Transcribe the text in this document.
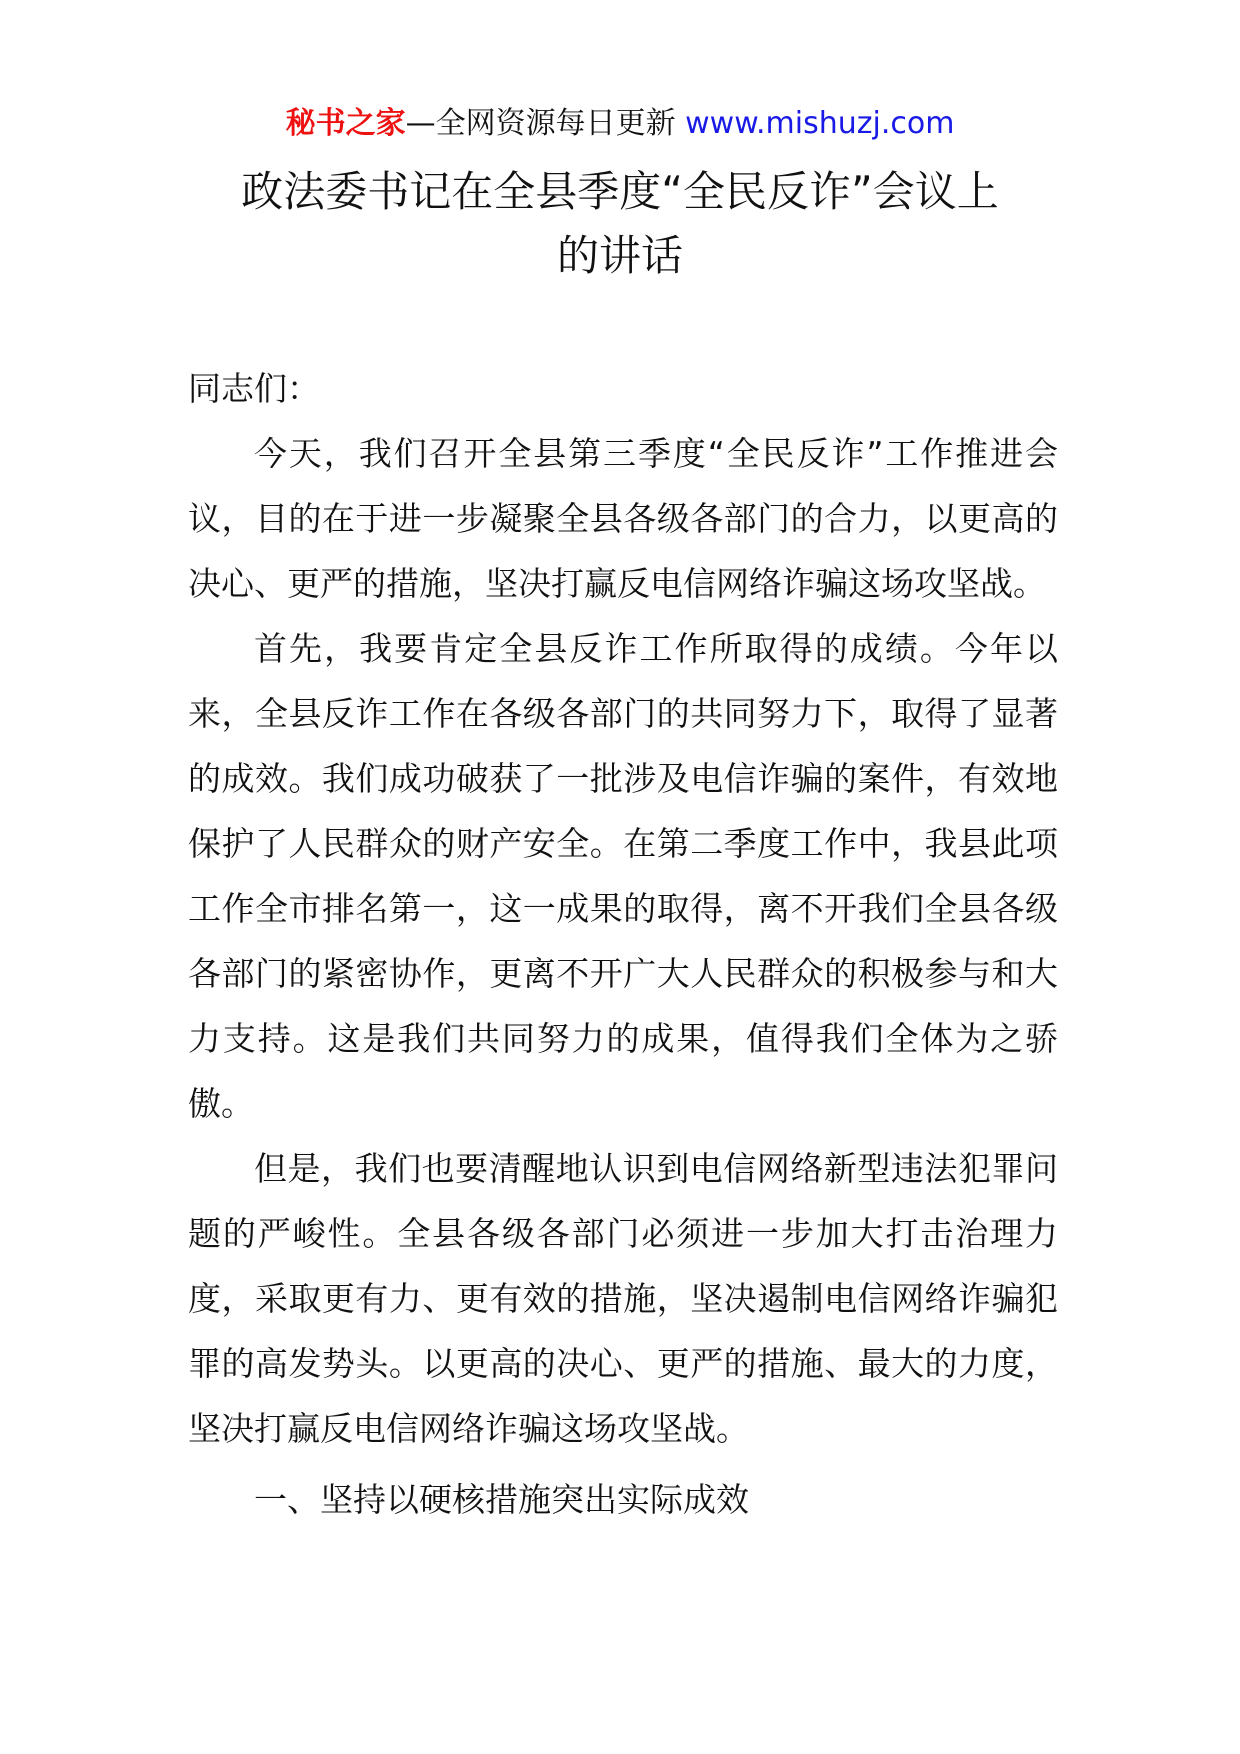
秘书之家—全网资源每日更新 www.mishuzj.com
政法委书记在全县季度“全民反诈”会议上
的讲话

同志们：

今天，我们召开全县第三季度“全民反诈”工作推进会议，目的在于进一步凝聚全县各级各部门的合力，以更高的决心、更严的措施，坚决打赢反电信网络诈骗这场攻坚战。

首先，我要肯定全县反诈工作所取得的成绩。今年以来，全县反诈工作在各级各部门的共同努力下，取得了显著的成效。我们成功破获了一批涉及电信诈骗的案件，有效地保护了人民群众的财产安全。在第二季度工作中，我县此项工作全市排名第一，这一成果的取得，离不开我们全县各级各部门的紧密协作，更离不开广大人民群众的积极参与和大力支持。这是我们共同努力的成果，值得我们全体为之骄傲。

但是，我们也要清醒地认识到电信网络新型违法犯罪问题的严峻性。全县各级各部门必须进一步加大打击治理力度，采取更有力、更有效的措施，坚决遏制电信网络诈骗犯罪的高发势头。以更高的决心、更严的措施、最大的力度，坚决打赢反电信网络诈骗这场攻坚战。

一、坚持以硬核措施突出实际成效
